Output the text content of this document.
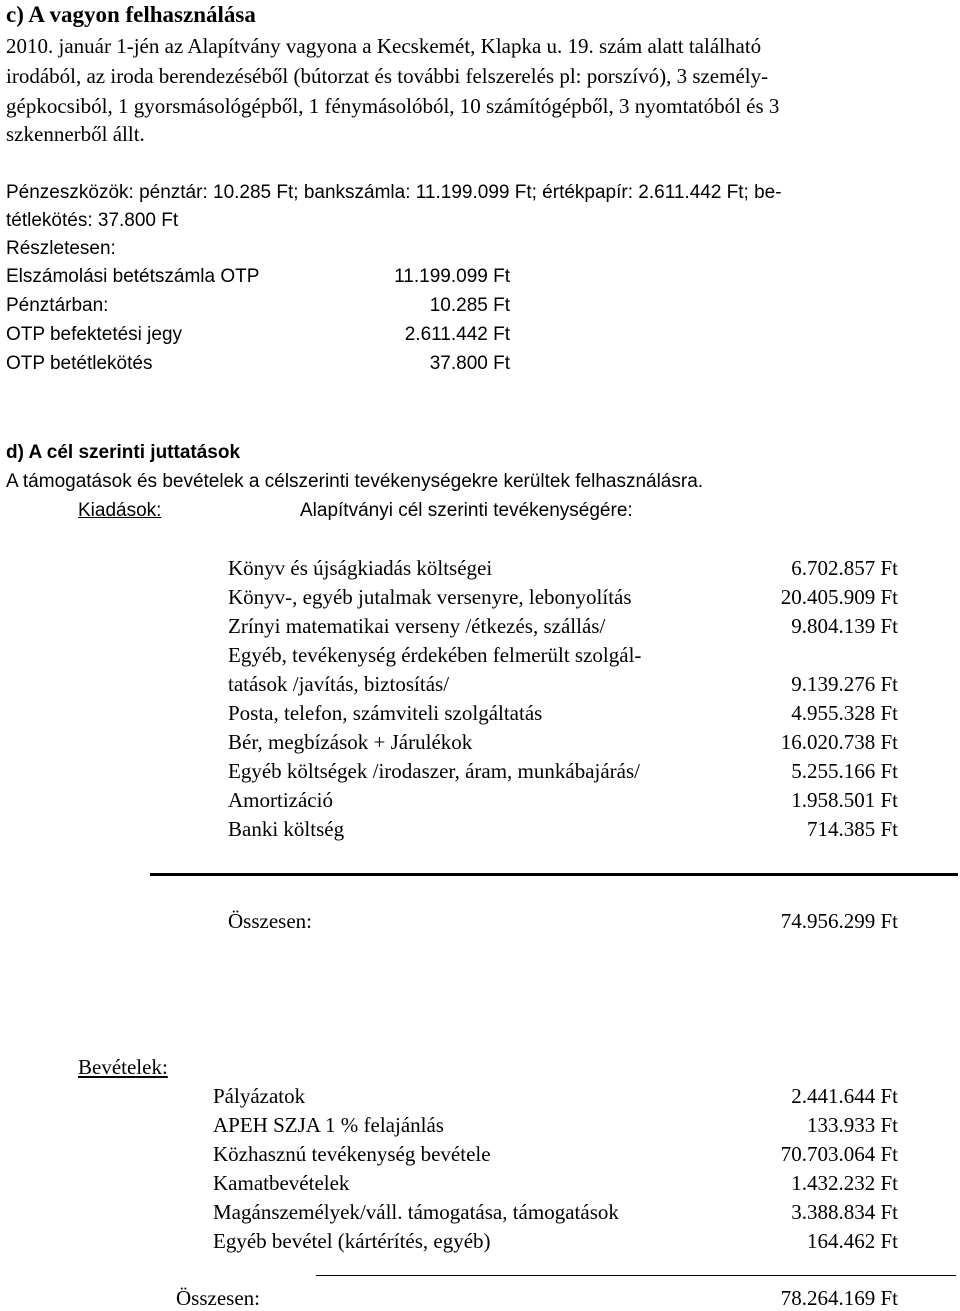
c) A vagyon felhasználása
2010. január 1-jén az Alapítvány vagyona a Kecskemét, Klapka u. 19. szám alatt található
irodából, az iroda berendezéséből (bútorzat és további felszerelés pl: porszívó), 3 személy-
gépkocsiból, 1 gyorsmásológépből, 1 fénymásolóból, 10 számítógépből, 3 nyomtatóból és 3
szkennerből állt.
Pénzeszközök: pénztár: 10.285 Ft; bankszámla: 11.199.099 Ft; értékpapír: 2.611.442 Ft; be-
tétlekötés: 37.800 Ft
Részletesen:
Elszámolási betétszámla OTP	11.199.099 Ft
Pénztárban:	10.285 Ft
OTP befektetési jegy	2.611.442 Ft
OTP betétlekötés	37.800 Ft
d) A cél szerinti juttatások
A támogatások és bevételek a célszerinti tevékenységekre kerültek felhasználásra.
Kiadások:	Alapítványi cél szerinti tevékenységére:
Könyv és újságkiadás költségei	6.702.857 Ft
Könyv-, egyéb jutalmak versenyre, lebonyolítás	20.405.909 Ft
Zrínyi matematikai verseny /étkezés, szállás/	9.804.139 Ft
Egyéb, tevékenység érdekében felmerült szolgál-
tatások /javítás, biztosítás/	9.139.276 Ft
Posta, telefon, számviteli szolgáltatás	4.955.328 Ft
Bér, megbízások + Járulékok	16.020.738 Ft
Egyéb költségek /irodaszer, áram, munkábajárás/	5.255.166 Ft
Amortizáció	1.958.501 Ft
Banki költség	714.385 Ft
Összesen:	74.956.299 Ft
Bevételek:
Pályázatok	2.441.644 Ft
APEH SZJA 1 % felajánlás	133.933 Ft
Közhasznú tevékenység bevétele	70.703.064 Ft
Kamatbevételek	1.432.232 Ft
Magánszemélyek/váll. támogatása, támogatások	3.388.834 Ft
Egyéb bevétel (kártérítés, egyéb)	164.462 Ft
Összesen:	78.264.169 Ft
